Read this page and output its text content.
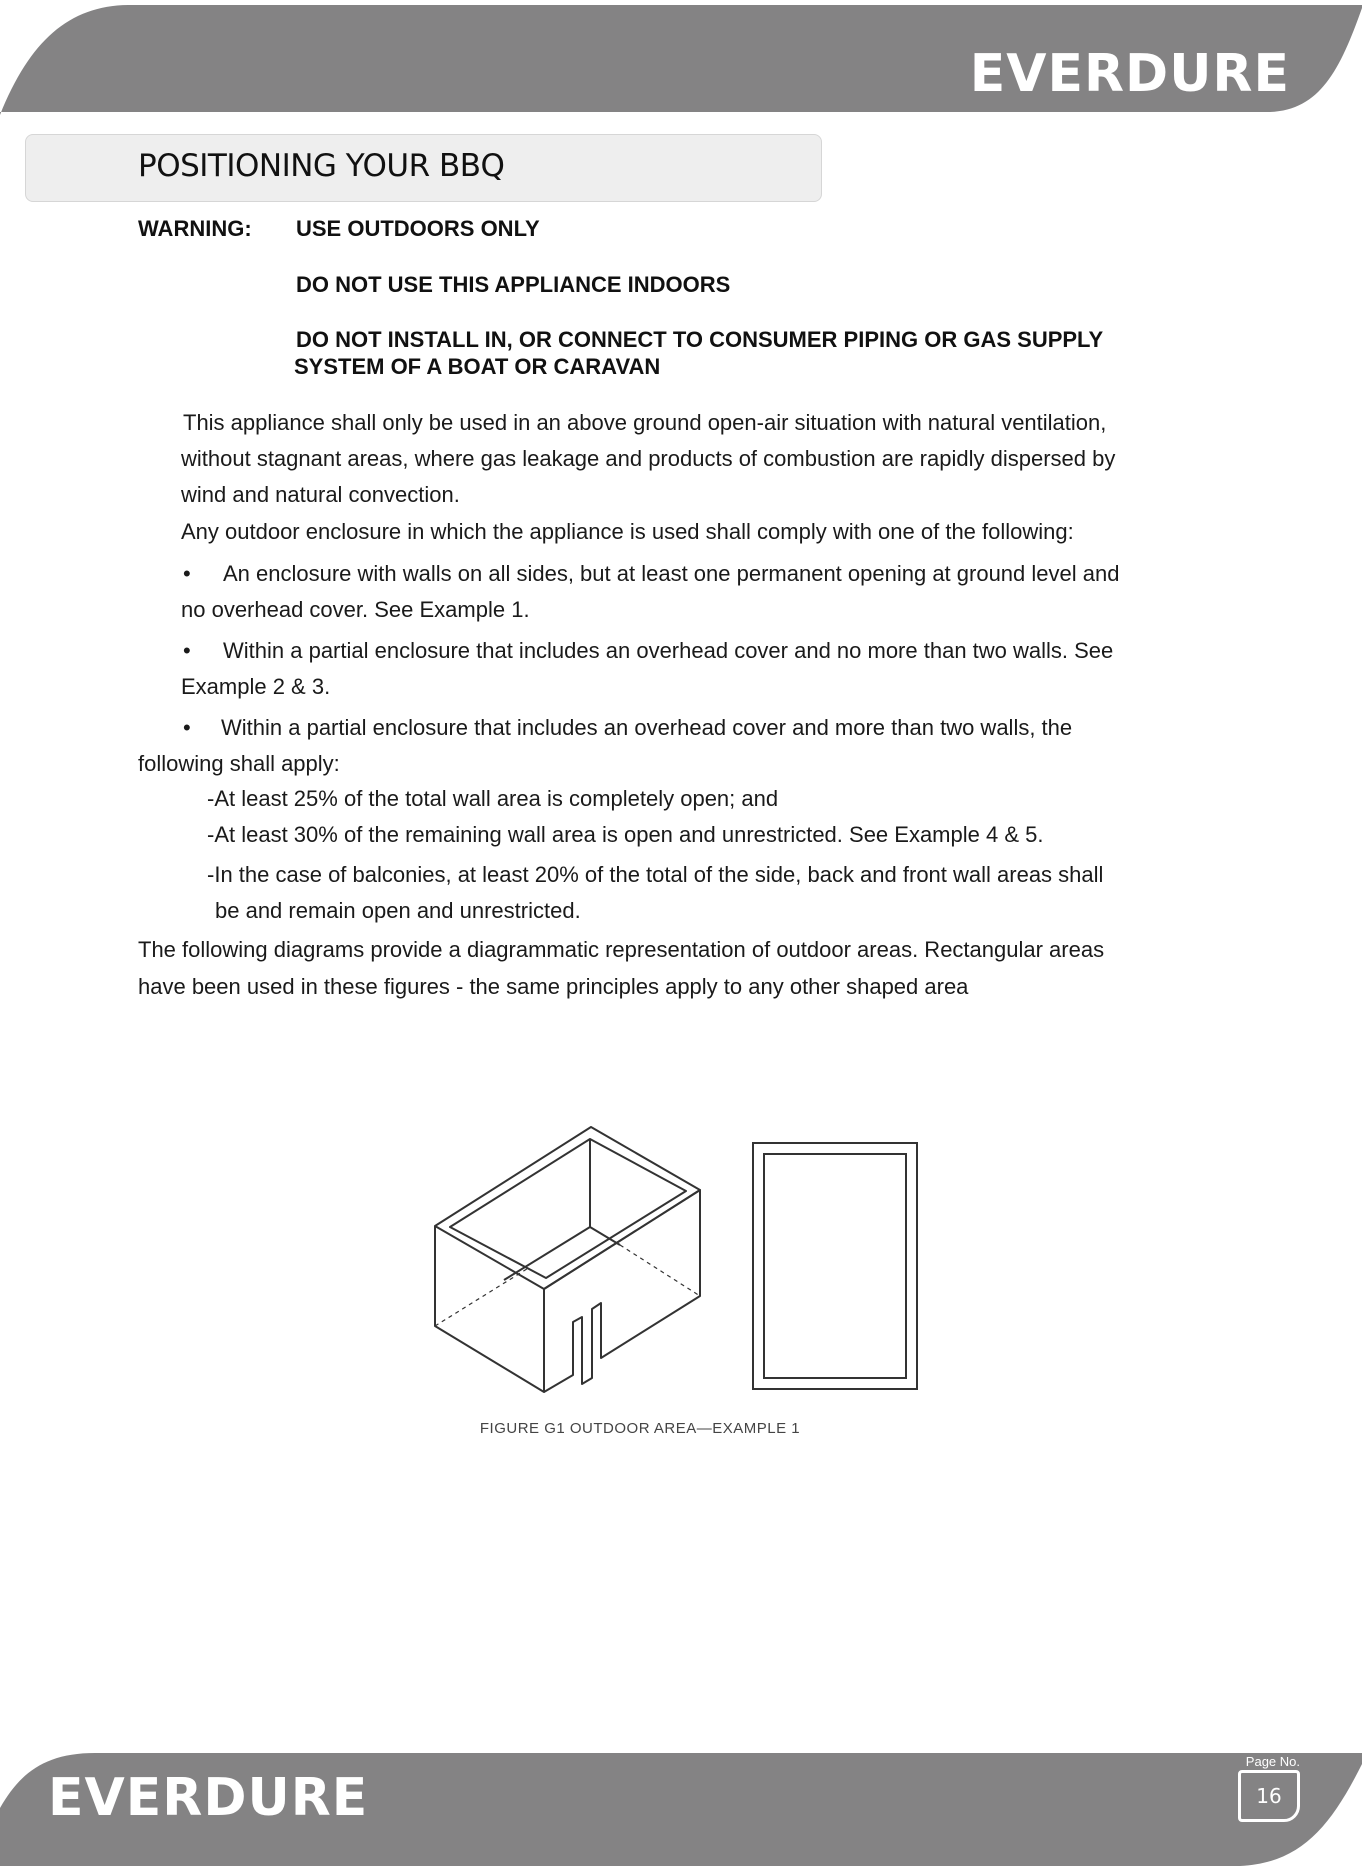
EVERDURE
POSITIONING YOUR BBQ
WARNING: USE OUTDOORS ONLY
DO NOT USE THIS APPLIANCE INDOORS
DO NOT INSTALL IN, OR CONNECT TO CONSUMER PIPING OR GAS SUPPLY
SYSTEM OF A BOAT OR CARAVAN
This appliance shall only be used in an above ground open-air situation with natural ventilation,
without stagnant areas, where gas leakage and products of combustion are rapidly dispersed by
wind and natural convection.
Any outdoor enclosure in which the appliance is used shall comply with one of the following:
• An enclosure with walls on all sides, but at least one permanent opening at ground level and
no overhead cover. See Example 1.
• Within a partial enclosure that includes an overhead cover and no more than two walls. See
Example 2 & 3.
• Within a partial enclosure that includes an overhead cover and more than two walls, the
following shall apply:
-At least 25% of the total wall area is completely open; and
-At least 30% of the remaining wall area is open and unrestricted. See Example 4 & 5.
-In the case of balconies, at least 20% of the total of the side, back and front wall areas shall
be and remain open and unrestricted.
The following diagrams provide a diagrammatic representation of outdoor areas. Rectangular areas
have been used in these figures - the same principles apply to any other shaped area
FIGURE G1 OUTDOOR AREA—EXAMPLE 1
EVERDURE
Page No.
16
